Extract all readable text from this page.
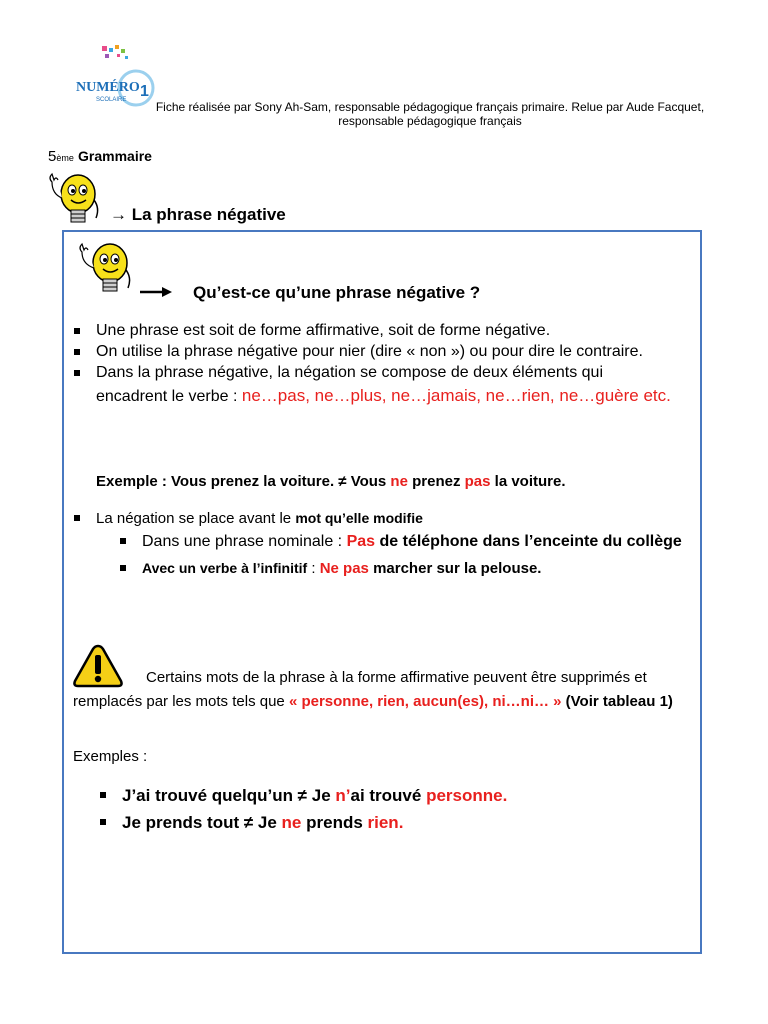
NUMÉRO 1
SCOLAIRE	Fiche réalisée par Sony Ah-Sam, responsable pédagogique français primaire. Relue par Aude Facquet, responsable pédagogique français
5ème Grammaire
→ La phrase négative
Qu’est-ce qu’une phrase négative ?
Une phrase est soit de forme affirmative, soit de forme négative.
On utilise la phrase négative pour nier (dire « non ») ou pour dire le contraire.
Dans la phrase négative, la négation se compose de deux éléments qui encadrent le verbe : ne…pas, ne…plus, ne…jamais, ne…rien, ne…guère etc.
Exemple : Vous prenez la voiture. ≠ Vous ne prenez pas la voiture.
La négation se place avant le mot qu’elle modifie
Dans une phrase nominale : Pas de téléphone dans l’enceinte du collège
Avec un verbe à l’infinitif : Ne pas marcher sur la pelouse.
Certains mots de la phrase à la forme affirmative peuvent être supprimés et remplacés par les mots tels que « personne, rien, aucun(es), ni…ni… » (Voir tableau 1)
Exemples :
J’ai trouvé quelqu’un ≠ Je n’ai trouvé personne.
Je prends tout ≠ Je ne prends rien.
